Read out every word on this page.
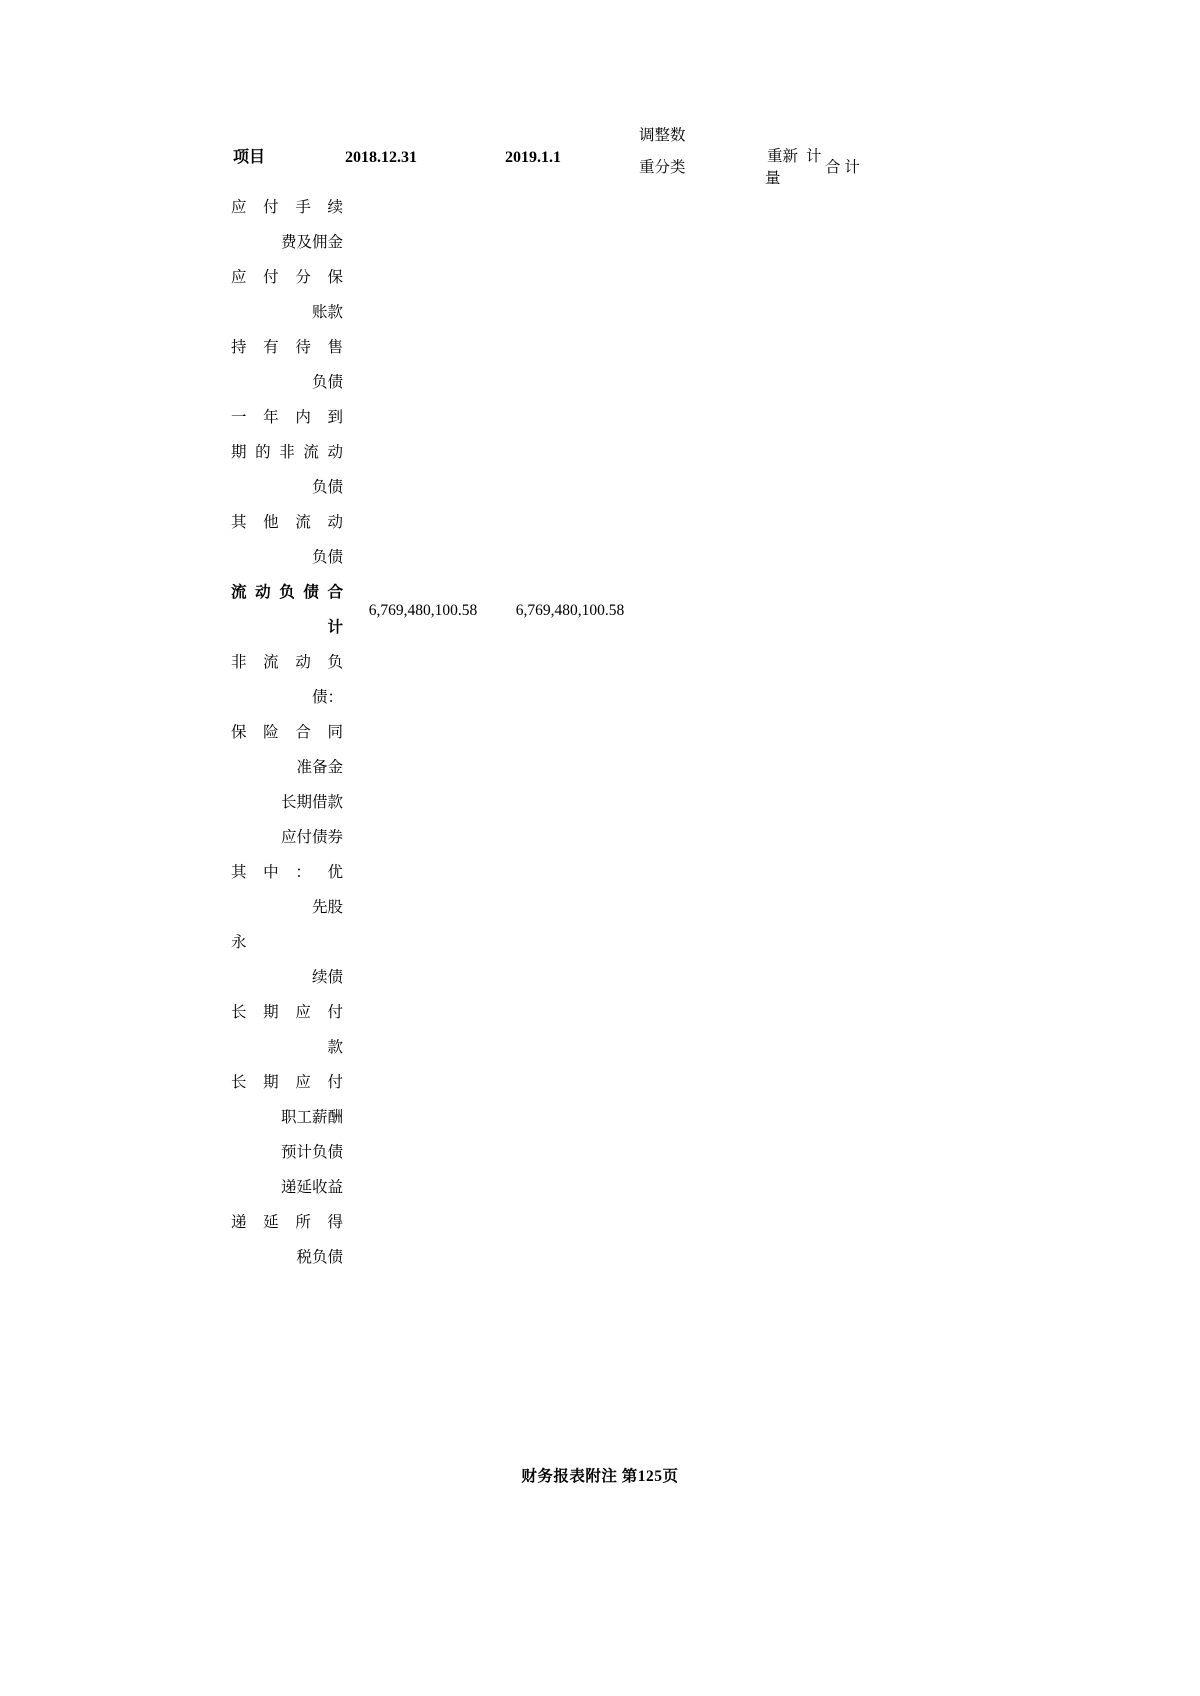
项目	2018.12.31	2019.1.1	调整数		
			重分类	重新 计 量	合 计

应付手续
费及佣金					

应付分保
账款					

持有待售
负债					

一年内到
期的非流动
负债					

其他流动
负债					

流动负债合
计	6,769,480,100.58	6,769,480,100.58			

非 流 动 负
债：					

保险合同
准备金					

长期借款					

应付债券					

其中：优
先股					

永
续债					

长期应付
款					

长期应付
职工薪酬					

预计负债					

递延收益					

递延所得
税负债					

财务报表附注 第125页
